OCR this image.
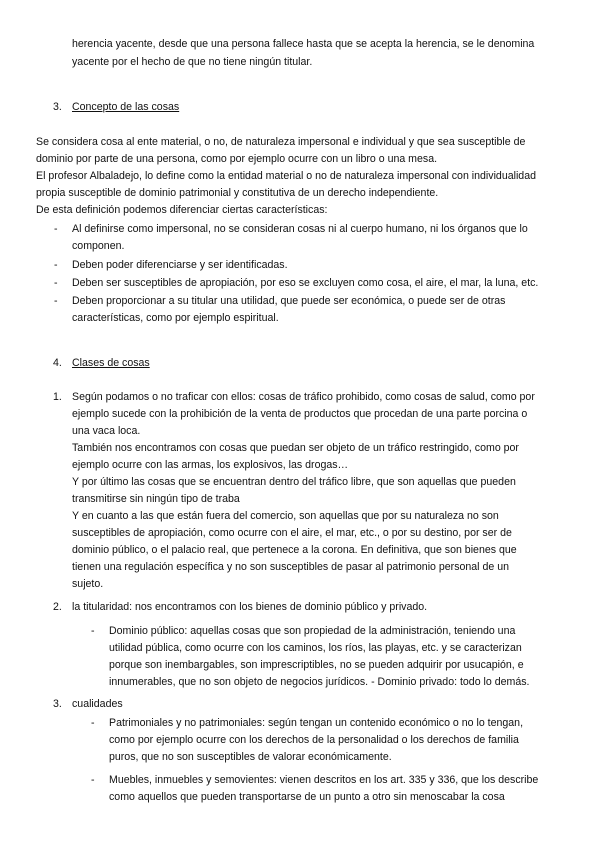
herencia yacente, desde que una persona fallece hasta que se acepta la herencia, se le denomina
yacente por el hecho de que no tiene ningún titular.
3. Concepto de las cosas
Se considera cosa al ente material, o no, de naturaleza impersonal e individual y que sea susceptible de
dominio por parte de una persona, como por ejemplo ocurre con un libro o una mesa.
El profesor Albaladejo, lo define como la entidad material o no de naturaleza impersonal con individualidad
propia susceptible de dominio patrimonial y constitutiva de un derecho independiente.
De esta definición podemos diferenciar ciertas características:
- Al definirse como impersonal, no se consideran cosas ni al cuerpo humano, ni los órganos que lo
componen.
- Deben poder diferenciarse y ser identificadas.
- Deben ser susceptibles de apropiación, por eso se excluyen como cosa, el aire, el mar, la luna, etc.
- Deben proporcionar a su titular una utilidad, que puede ser económica, o puede ser de otras
características, como por ejemplo espiritual.
4. Clases de cosas
1. Según podamos o no traficar con ellos: cosas de tráfico prohibido, como cosas de salud, como por
ejemplo sucede con la prohibición de la venta de productos que procedan de una parte porcina o
una vaca loca.
También nos encontramos con cosas que puedan ser objeto de un tráfico restringido, como por
ejemplo ocurre con las armas, los explosivos, las drogas…
Y por último las cosas que se encuentran dentro del tráfico libre, que son aquellas que pueden
transmitirse sin ningún tipo de traba
Y en cuanto a las que están fuera del comercio, son aquellas que por su naturaleza no son
susceptibles de apropiación, como ocurre con el aire, el mar, etc., o por su destino, por ser de
dominio público, o el palacio real, que pertenece a la corona. En definitiva, que son bienes que
tienen una regulación específica y no son susceptibles de pasar al patrimonio personal de un
sujeto.
2. la titularidad: nos encontramos con los bienes de dominio público y privado.
- Dominio público: aquellas cosas que son propiedad de la administración, teniendo una
utilidad pública, como ocurre con los caminos, los ríos, las playas, etc. y se caracterizan
porque son inembargables, son imprescriptibles, no se pueden adquirir por usucapión, e
innumerables, que no son objeto de negocios jurídicos. - Dominio privado: todo lo demás.
3. cualidades
- Patrimoniales y no patrimoniales: según tengan un contenido económico o no lo tengan,
como por ejemplo ocurre con los derechos de la personalidad o los derechos de familia
puros, que no son susceptibles de valorar económicamente.
- Muebles, inmuebles y semovientes: vienen descritos en los art. 335 y 336, que los describe
como aquellos que pueden transportarse de un punto a otro sin menoscabar la cosa
